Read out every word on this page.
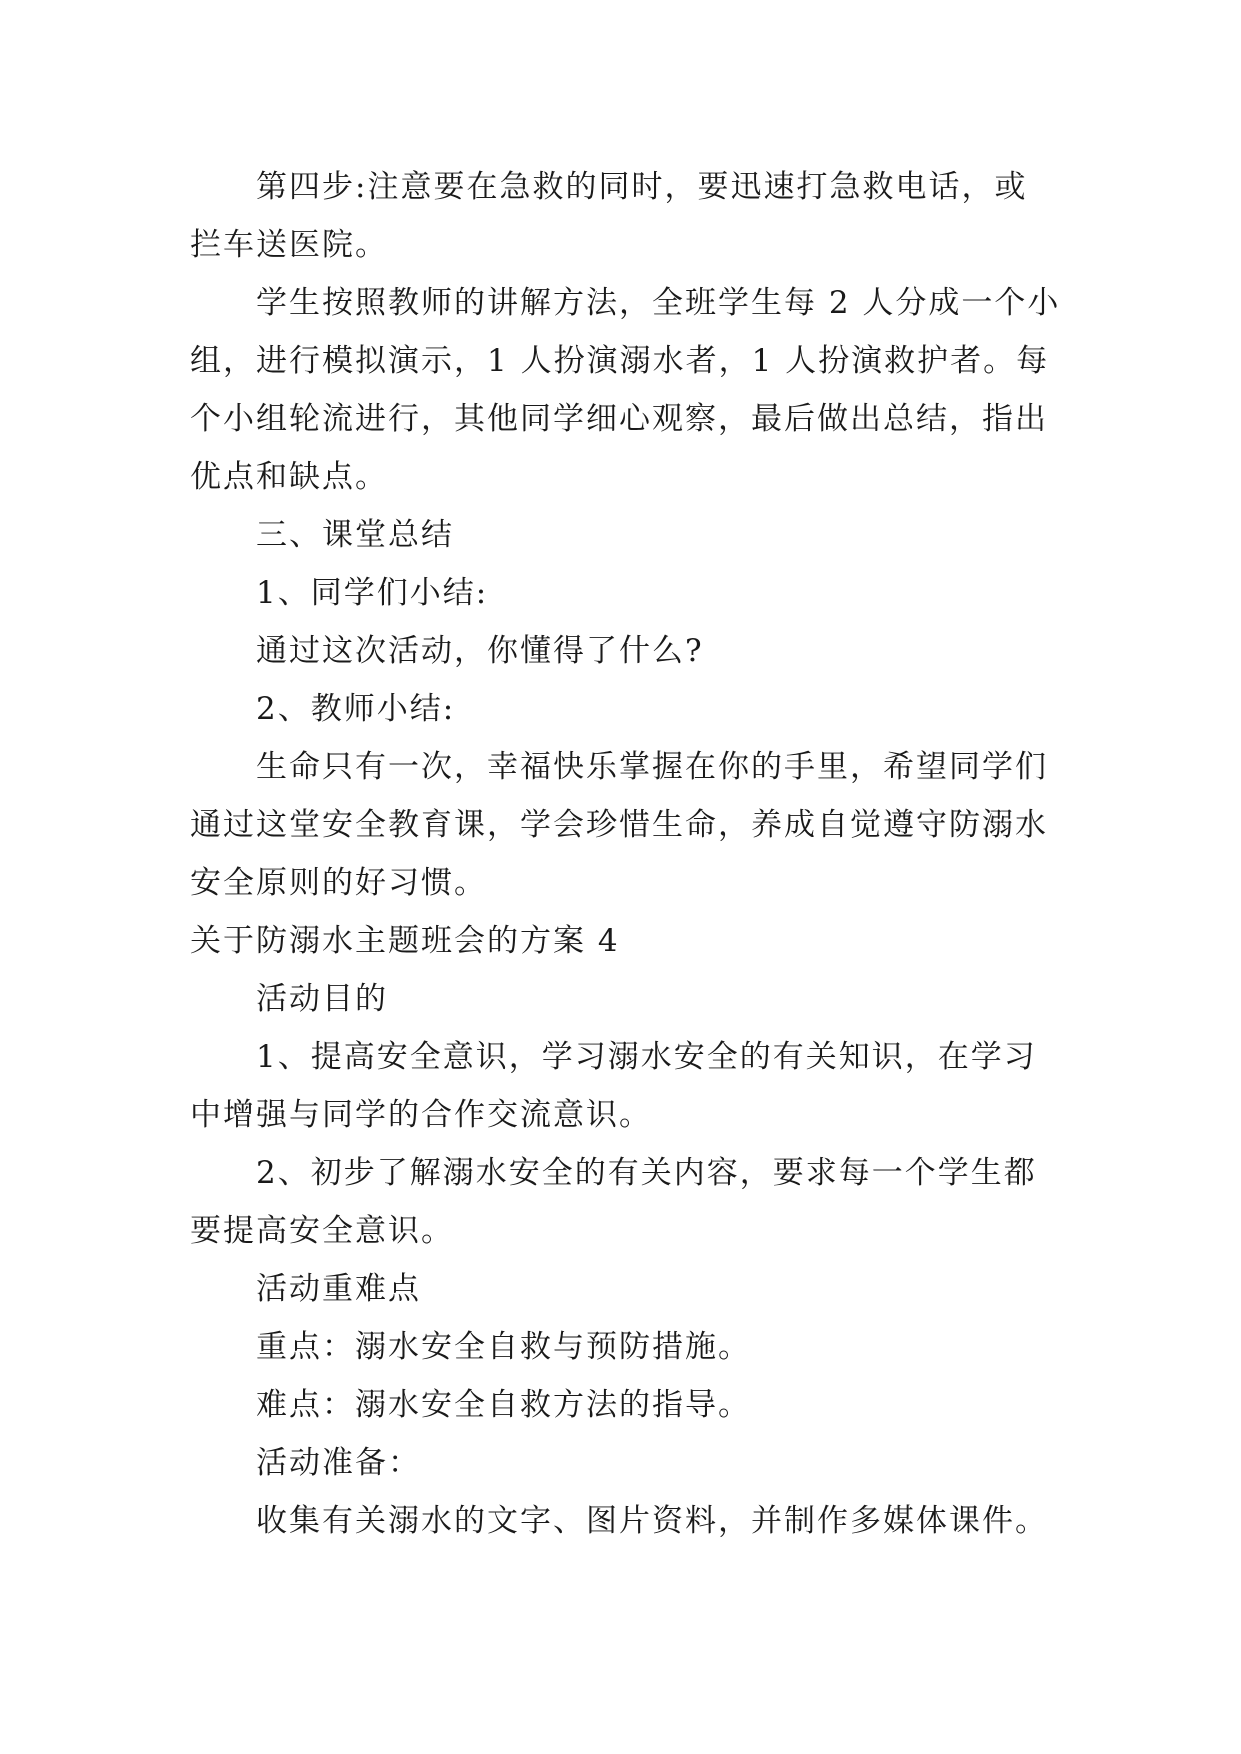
第四步:注意要在急救的同时，要迅速打急救电话，或

拦车送医院。

学生按照教师的讲解方法，全班学生每 2 人分成一个小

组，进行模拟演示，1 人扮演溺水者，1 人扮演救护者。每

个小组轮流进行，其他同学细心观察，最后做出总结，指出

优点和缺点。

三、课堂总结

1、同学们小结:

通过这次活动，你懂得了什么?

2、教师小结:

生命只有一次，幸福快乐掌握在你的手里，希望同学们

通过这堂安全教育课，学会珍惜生命，养成自觉遵守防溺水

安全原则的好习惯。

关于防溺水主题班会的方案 4

活动目的

1、提高安全意识，学习溺水安全的有关知识，在学习

中增强与同学的合作交流意识。

2、初步了解溺水安全的有关内容，要求每一个学生都

要提高安全意识。

活动重难点

重点：溺水安全自救与预防措施。

难点：溺水安全自救方法的指导。

活动准备：

收集有关溺水的文字、图片资料，并制作多媒体课件。
